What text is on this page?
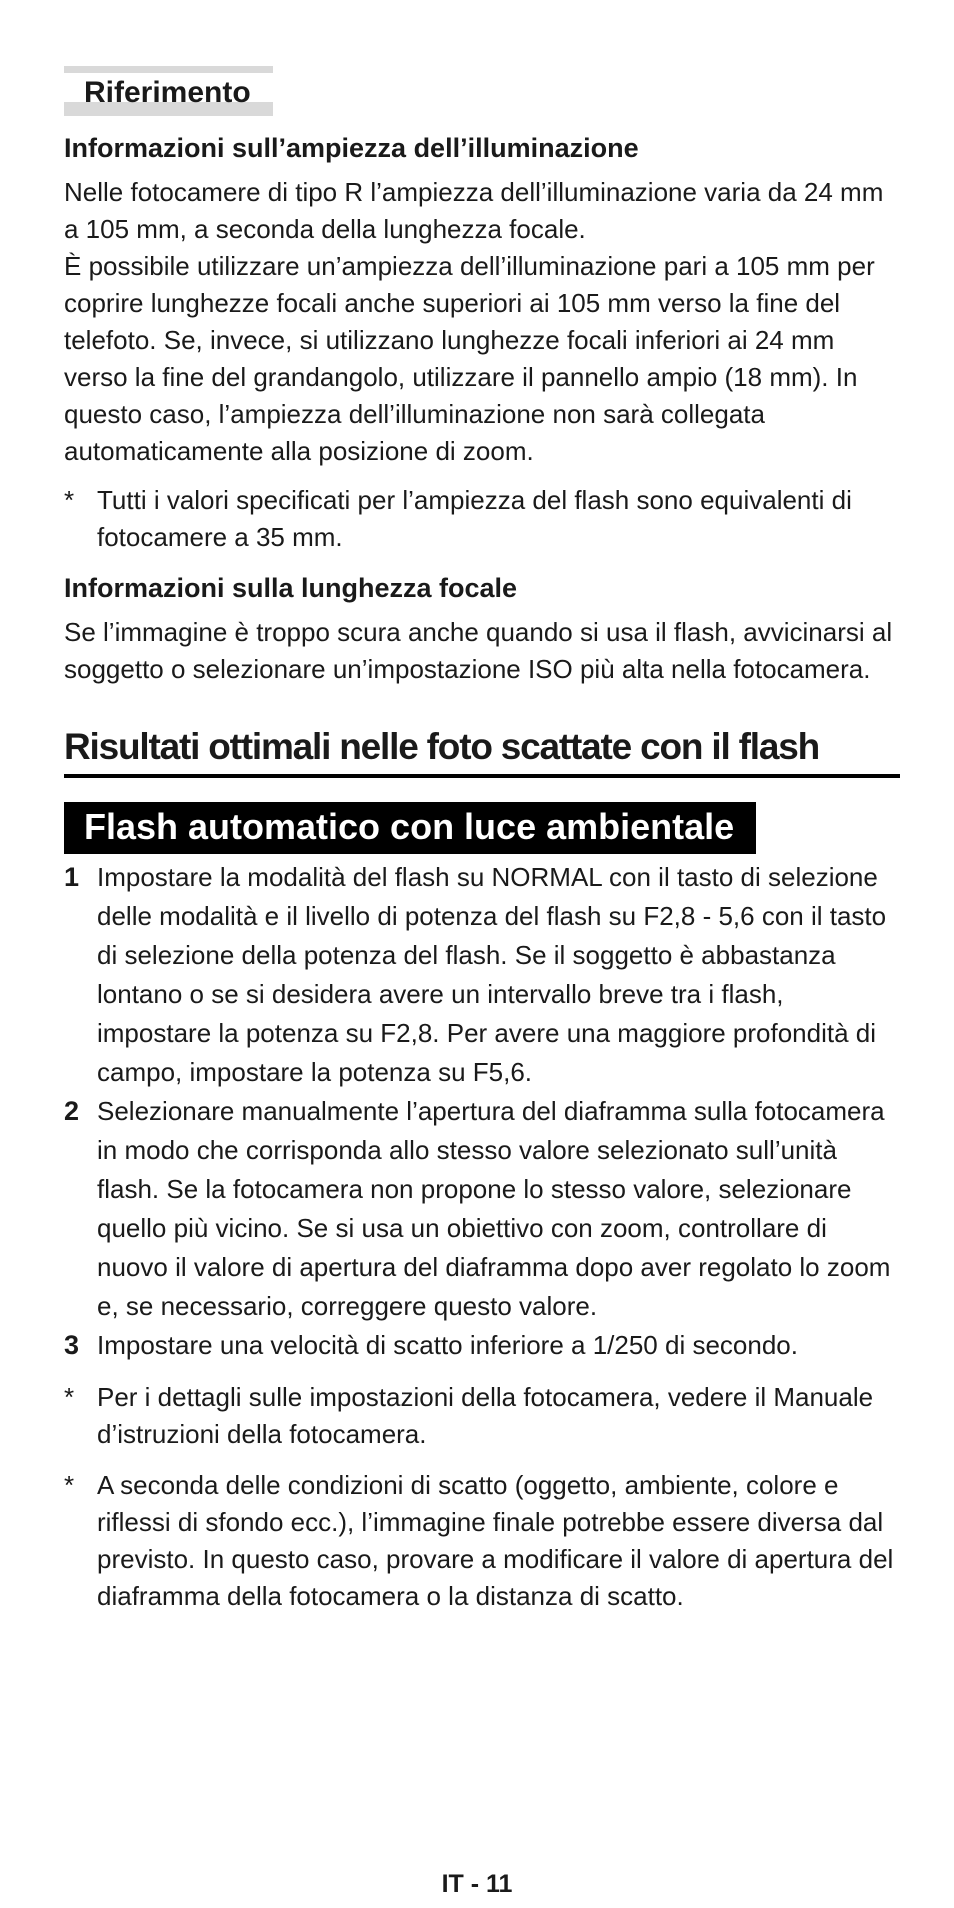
Riferimento
Informazioni sull’ampiezza dell’illuminazione

Nelle fotocamere di tipo R l’ampiezza dell’illuminazione varia da 24 mm a 105 mm, a seconda della lunghezza focale.

È possibile utilizzare un’ampiezza dell’illuminazione pari a 105 mm per coprire lunghezze focali anche superiori ai 105 mm verso la fine del telefoto. Se, invece, si utilizzano lunghezze focali inferiori ai 24 mm verso la fine del grandangolo, utilizzare il pannello ampio (18 mm). In questo caso, l’ampiezza dell’illuminazione non sarà collegata automaticamente alla posizione di zoom.

* Tutti i valori specificati per l’ampiezza del flash sono equivalenti di fotocamere a 35 mm.
Informazioni sulla lunghezza focale

Se l’immagine è troppo scura anche quando si usa il flash, avvicinarsi al soggetto o selezionare un’impostazione ISO più alta nella fotocamera.

Risultati ottimali nelle foto scattate con il flash
Flash automatico con luce ambientale
1 Impostare la modalità del flash su NORMAL con il tasto di selezione delle modalità e il livello di potenza del flash su F2,8 - 5,6 con il tasto di selezione della potenza del flash. Se il soggetto è abbastanza lontano o se si desidera avere un intervallo breve tra i flash, impostare la potenza su F2,8. Per avere una maggiore profondità di campo, impostare la potenza su F5,6.
2 Selezionare manualmente l’apertura del diaframma sulla fotocamera in modo che corrisponda allo stesso valore selezionato sull’unità flash. Se la fotocamera non propone lo stesso valore, selezionare quello più vicino. Se si usa un obiettivo con zoom, controllare di nuovo il valore di apertura del diaframma dopo aver regolato lo zoom e, se necessario, correggere questo valore.
3 Impostare una velocità di scatto inferiore a 1/250 di secondo.
* Per i dettagli sulle impostazioni della fotocamera, vedere il Manuale d’istruzioni della fotocamera.
* A seconda delle condizioni di scatto (oggetto, ambiente, colore e riflessi di sfondo ecc.), l’immagine finale potrebbe essere diversa dal previsto. In questo caso, provare a modificare il valore di apertura del diaframma della fotocamera o la distanza di scatto.
IT - 11
